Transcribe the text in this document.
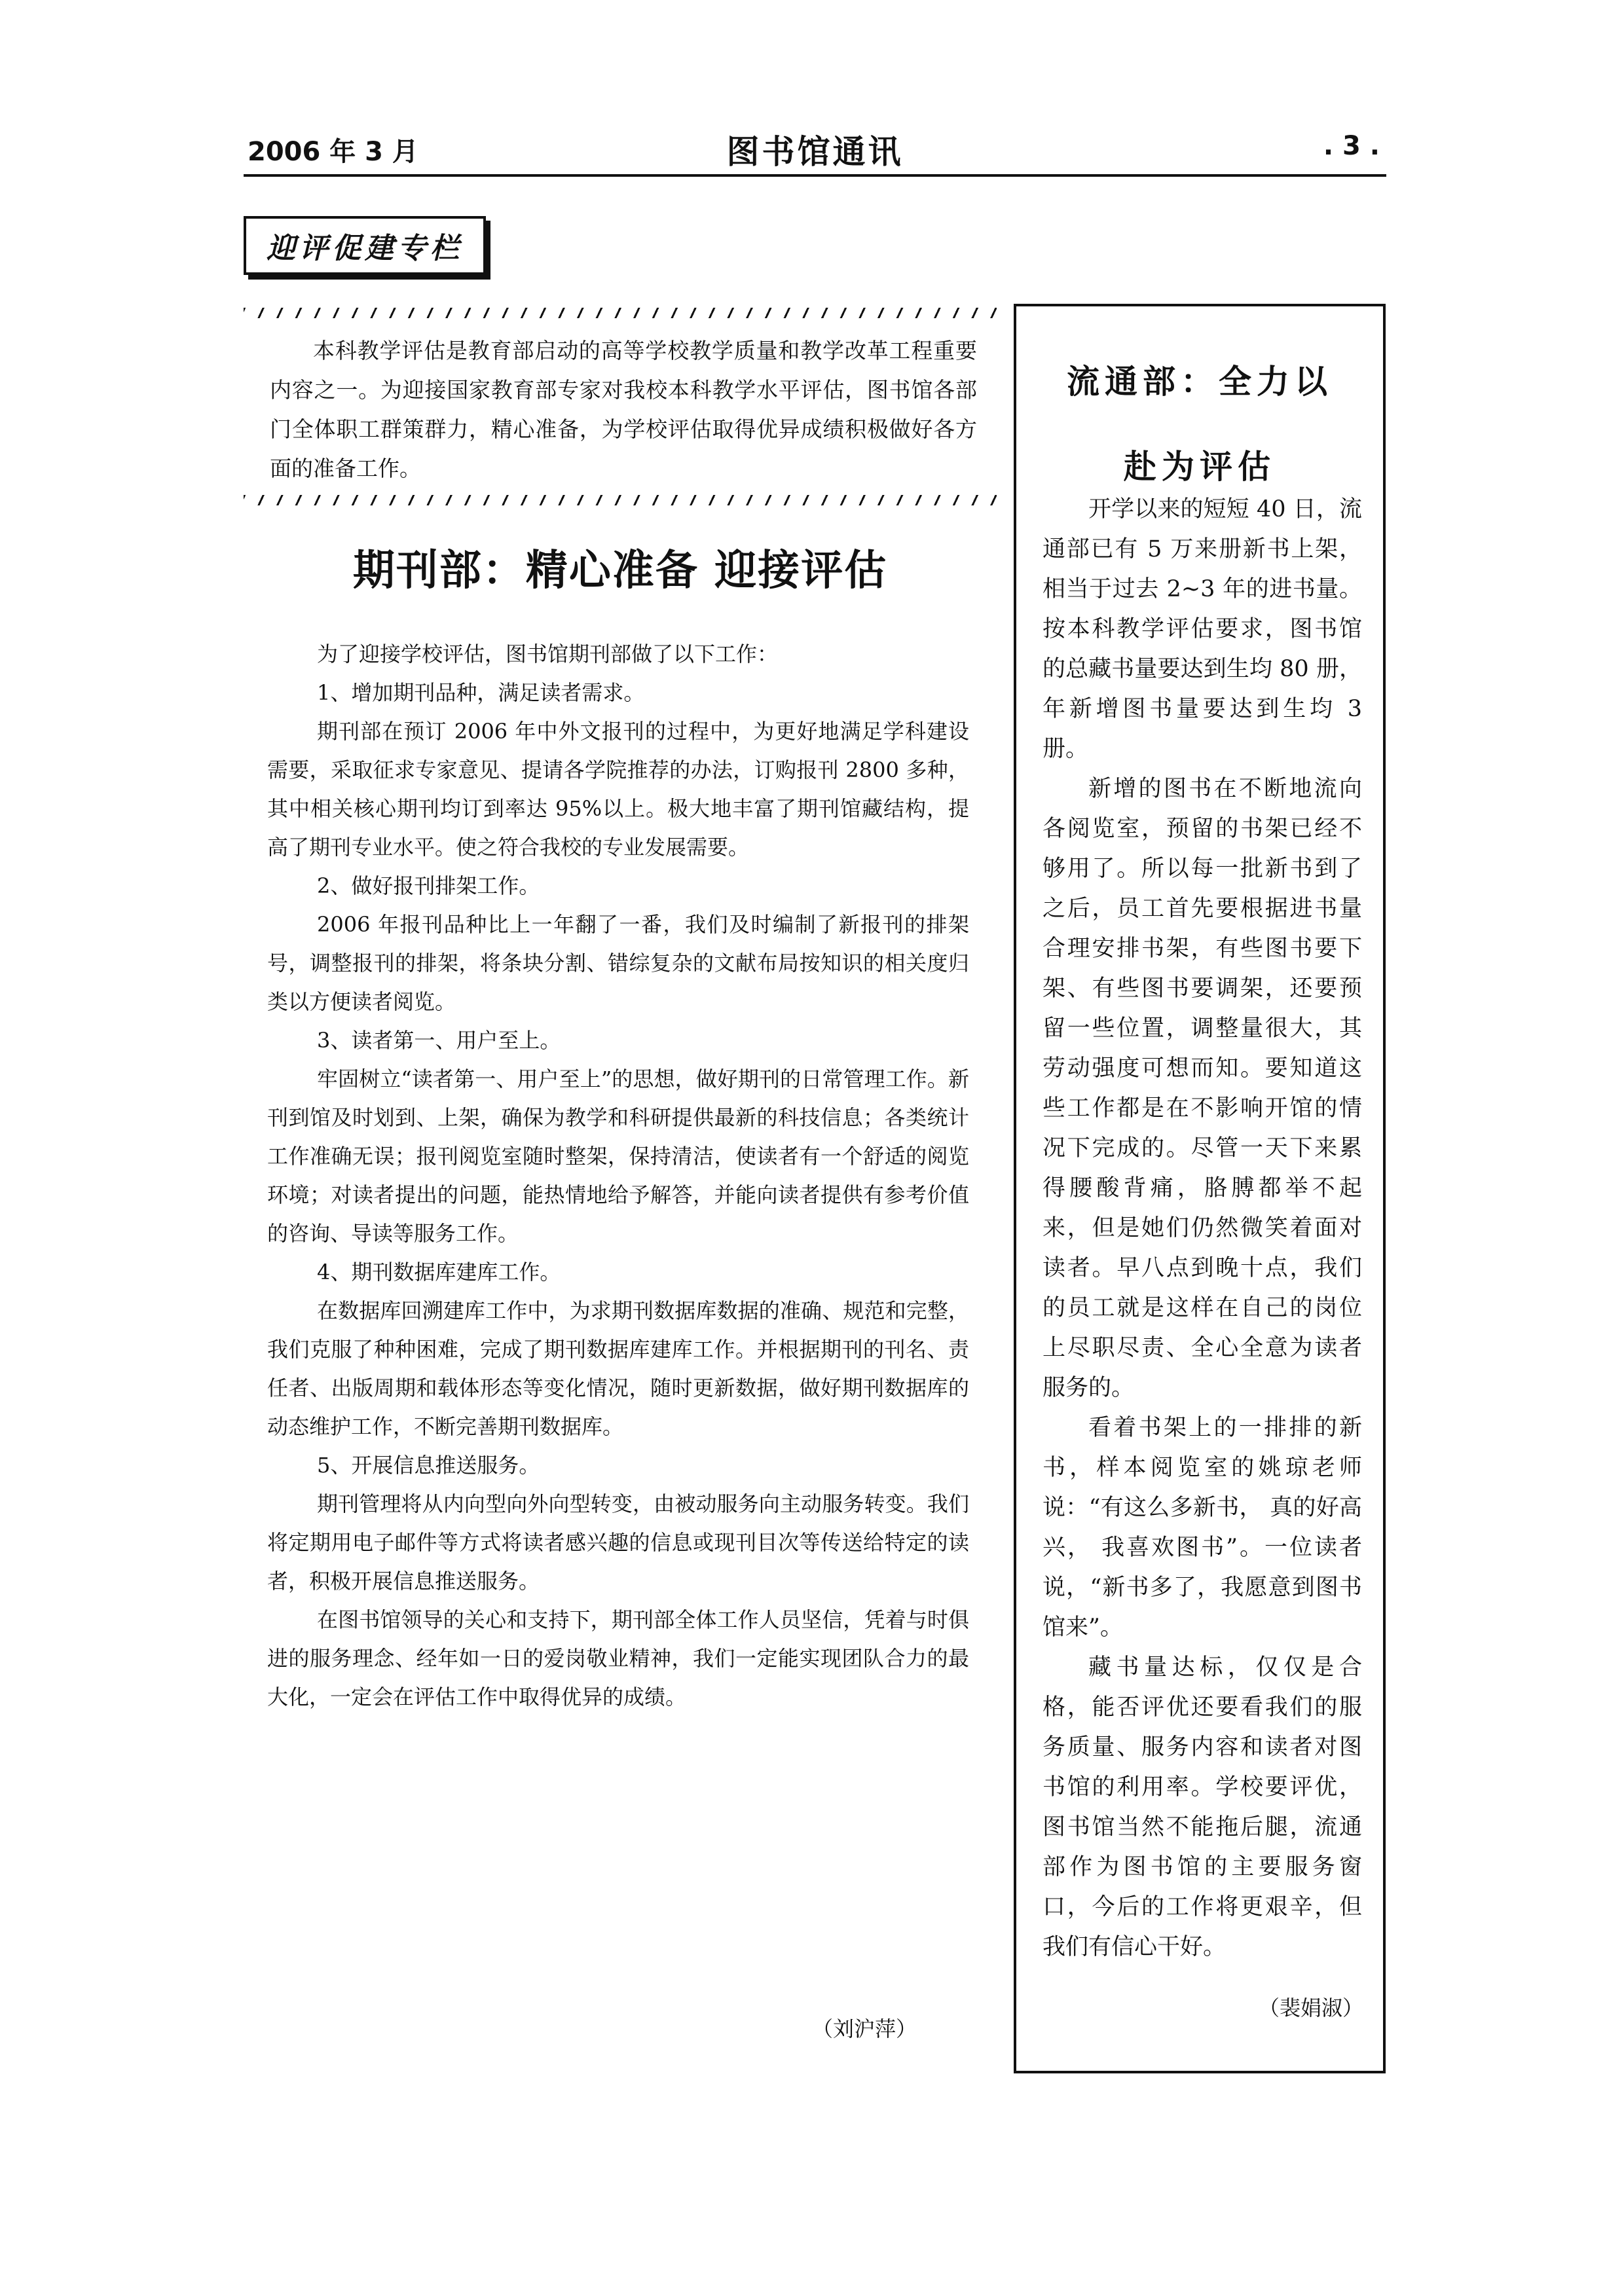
2006 年 3 月	图书馆通讯	. 3 .
迎评促建专栏
本科教学评估是教育部启动的高等学校教学质量和教学改革工程重要内容之一。为迎接国家教育部专家对我校本科教学水平评估，图书馆各部门全体职工群策群力，精心准备，为学校评估取得优异成绩积极做好各方面的准备工作。
期刊部：精心准备 迎接评估

为了迎接学校评估，图书馆期刊部做了以下工作：

1、增加期刊品种，满足读者需求。

期刊部在预订 2006 年中外文报刊的过程中，为更好地满足学科建设需要，采取征求专家意见、提请各学院推荐的办法，订购报刊 2800 多种，其中相关核心期刊均订到率达 95%以上。极大地丰富了期刊馆藏结构，提高了期刊专业水平。使之符合我校的专业发展需要。

2、做好报刊排架工作。

2006 年报刊品种比上一年翻了一番，我们及时编制了新报刊的排架号，调整报刊的排架，将条块分割、错综复杂的文献布局按知识的相关度归类以方便读者阅览。

3、读者第一、用户至上。

牢固树立“读者第一、用户至上”的思想，做好期刊的日常管理工作。新刊到馆及时划到、上架，确保为教学和科研提供最新的科技信息；各类统计工作准确无误；报刊阅览室随时整架，保持清洁，使读者有一个舒适的阅览环境；对读者提出的问题，能热情地给予解答，并能向读者提供有参考价值的咨询、导读等服务工作。

4、期刊数据库建库工作。

在数据库回溯建库工作中，为求期刊数据库数据的准确、规范和完整，我们克服了种种困难，完成了期刊数据库建库工作。并根据期刊的刊名、责任者、出版周期和载体形态等变化情况，随时更新数据，做好期刊数据库的动态维护工作，不断完善期刊数据库。

5、开展信息推送服务。

期刊管理将从内向型向外向型转变，由被动服务向主动服务转变。我们将定期用电子邮件等方式将读者感兴趣的信息或现刊目次等传送给特定的读者，积极开展信息推送服务。

在图书馆领导的关心和支持下，期刊部全体工作人员坚信，凭着与时俱进的服务理念、经年如一日的爱岗敬业精神，我们一定能实现团队合力的最大化，一定会在评估工作中取得优异的成绩。

（刘沪萍）
流通部：全力以
赴为评估

开学以来的短短 40 日，流通部已有 5 万来册新书上架，相当于过去 2~3 年的进书量。按本科教学评估要求，图书馆的总藏书量要达到生均 80 册，年新增图书量要达到生均 3 册。

新增的图书在不断地流向各阅览室，预留的书架已经不够用了。所以每一批新书到了之后，员工首先要根据进书量合理安排书架，有些图书要下架、有些图书要调架，还要预留一些位置，调整量很大，其劳动强度可想而知。要知道这些工作都是在不影响开馆的情况下完成的。尽管一天下来累得腰酸背痛，胳膊都举不起来，但是她们仍然微笑着面对读者。早八点到晚十点，我们的员工就是这样在自己的岗位上尽职尽责、全心全意为读者服务的。

看着书架上的一排排的新书，样本阅览室的姚琼老师说：“有这么多新书， 真的好高兴， 我喜欢图书”。一位读者说，“新书多了，我愿意到图书馆来”。

藏书量达标，仅仅是合格，能否评优还要看我们的服务质量、服务内容和读者对图书馆的利用率。学校要评优，图书馆当然不能拖后腿，流通部作为图书馆的主要服务窗口，今后的工作将更艰辛，但我们有信心干好。

（裴娟淑）
